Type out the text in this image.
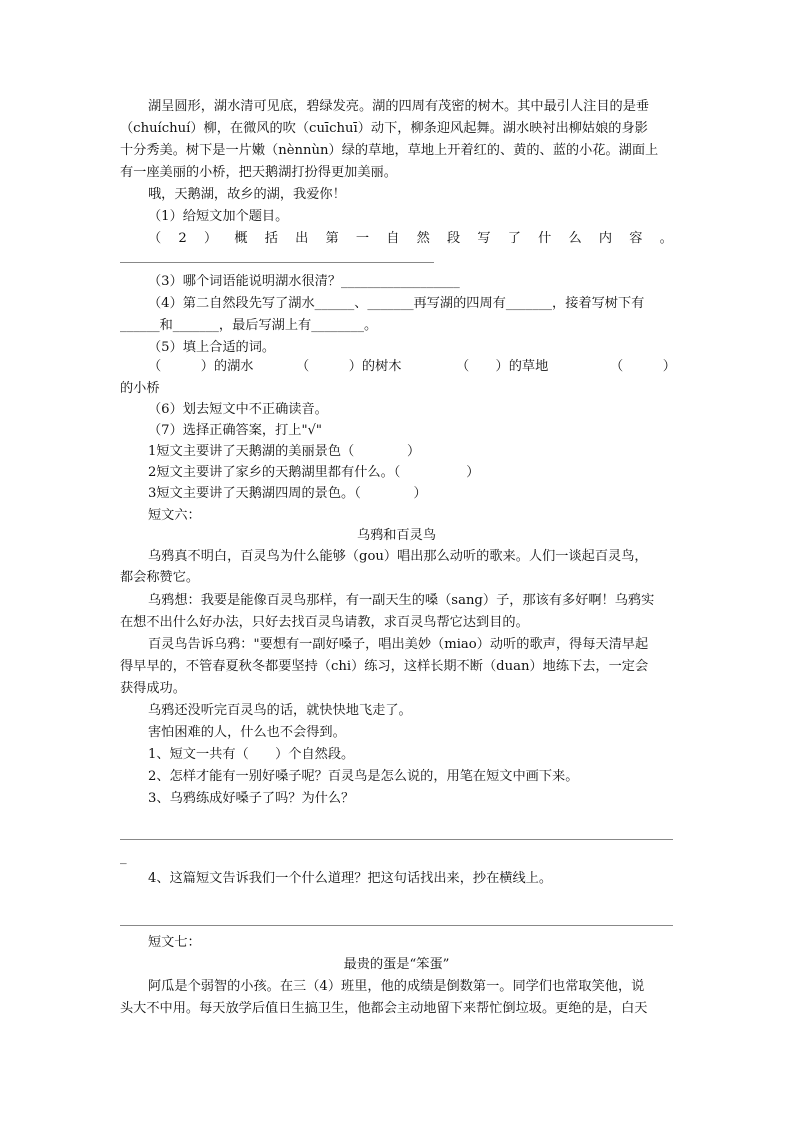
湖呈圆形，湖水清可见底，碧绿发亮。湖的四周有茂密的树木。其中最引人注目的是垂
（chuíchuí）柳，在微风的吹（cuīchuī）动下，柳条迎风起舞。湖水映衬出柳姑娘的身影
十分秀美。树下是一片嫩（nènnùn）绿的草地，草地上开着红的、黄的、蓝的小花。湖面上
有一座美丽的小桥，把天鹅湖打扮得更加美丽。
哦，天鹅湖，故乡的湖，我爱你！
（1）给短文加个题目。
（ 2 ） 概 括 出 第 一 自 然 段 写 了 什 么 内 容 。
（3）哪个词语能说明湖水很清？__________________
（4）第二自然段先写了湖水______、_______再写湖的四周有_______，接着写树下有
______和_______，最后写湖上有________。
（5）填上合适的词。
（　　　）的湖水	（　　　）的树木	（　　）的草地	（　　　）
的小桥
（6）划去短文中不正确读音。
（7）选择正确答案，打上"√"
1短文主要讲了天鹅湖的美丽景色（　　　　）
2短文主要讲了家乡的天鹅湖里都有什么。（　　　　　）
3短文主要讲了天鹅湖四周的景色。（　　　　）
短文六：
乌鸦和百灵鸟
乌鸦真不明白，百灵鸟为什么能够（gou）唱出那么动听的歌来。人们一谈起百灵鸟，
都会称赞它。
乌鸦想：我要是能像百灵鸟那样，有一副天生的嗓（sang）子，那该有多好啊！乌鸦实
在想不出什么好办法，只好去找百灵鸟请教，求百灵鸟帮它达到目的。
百灵鸟告诉乌鸦："要想有一副好嗓子，唱出美妙（miao）动听的歌声，得每天清早起
得早早的，不管春夏秋冬都要坚持（chi）练习，这样长期不断（duan）地练下去，一定会
获得成功。
乌鸦还没听完百灵鸟的话，就快快地飞走了。
害怕困难的人，什么也不会得到。
1、短文一共有（　　）个自然段。
2、怎样才能有一别好嗓子呢？百灵鸟是怎么说的，用笔在短文中画下来。
3、乌鸦练成好嗓子了吗？为什么？
_
4、这篇短文告诉我们一个什么道理？把这句话找出来，抄在横线上。
短文七：
最贵的蛋是“笨蛋”
阿瓜是个弱智的小孩。在三（4）班里，他的成绩是倒数第一。同学们也常取笑他，说
头大不中用。每天放学后值日生搞卫生，他都会主动地留下来帮忙倒垃圾。更绝的是，白天
